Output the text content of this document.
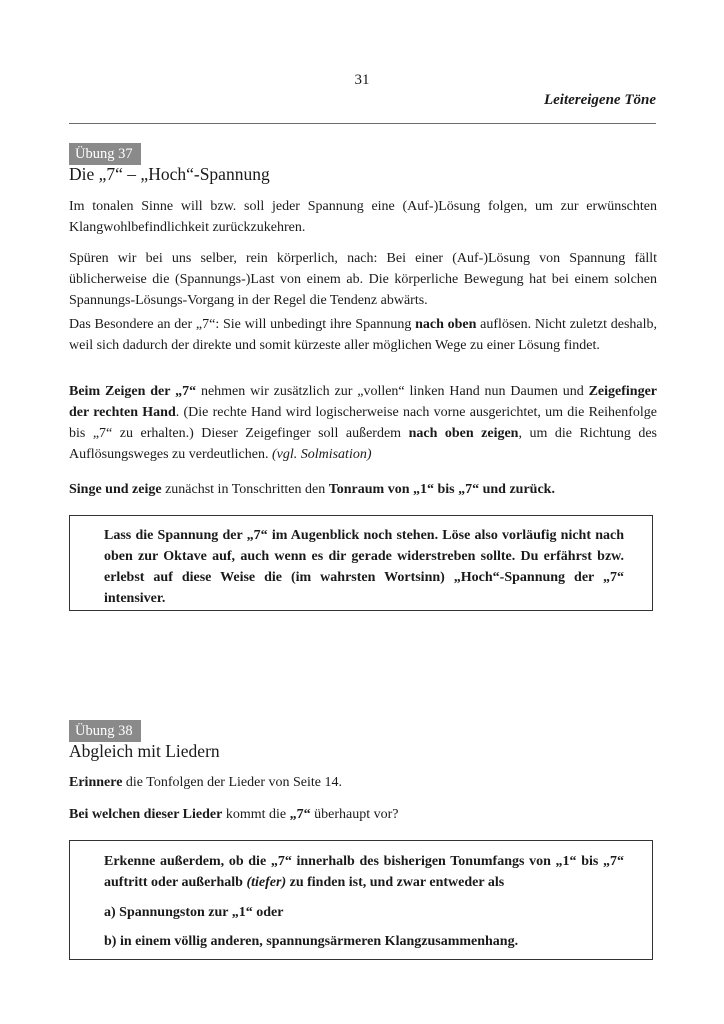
31
Leitereigene Töne
Übung 37
Die „7“ – „Hoch“-Spannung

Im tonalen Sinne will bzw. soll jeder Spannung eine (Auf-)Lösung folgen, um zur erwünschten Klangwohlbefindlichkeit zurückzukehren.

Spüren wir bei uns selber, rein körperlich, nach: Bei einer (Auf-)Lösung von Spannung fällt üblicherweise die (Spannungs-)Last von einem ab. Die körperliche Bewegung hat bei einem solchen Spannungs-Lösungs-Vorgang in der Regel die Tendenz abwärts.

Das Besondere an der „7“: Sie will unbedingt ihre Spannung nach oben auflösen. Nicht zuletzt deshalb, weil sich dadurch der direkte und somit kürzeste aller möglichen Wege zu einer Lösung findet.

Beim Zeigen der „7“ nehmen wir zusätzlich zur „vollen“ linken Hand nun Daumen und Zeigefinger der rechten Hand. (Die rechte Hand wird logischerweise nach vorne ausgerichtet, um die Reihenfolge bis „7“ zu erhalten.) Dieser Zeigefinger soll außerdem nach oben zeigen, um die Richtung des Auflösungsweges zu verdeutlichen. (vgl. Solmisation)

Singe und zeige zunächst in Tonschritten den Tonraum von „1“ bis „7“ und zurück.

Lass die Spannung der „7“ im Augenblick noch stehen. Löse also vorläufig nicht nach oben zur Oktave auf, auch wenn es dir gerade widerstreben sollte. Du erfährst bzw. erlebst auf diese Weise die (im wahrsten Wortsinn) „Hoch“-Spannung der „7“ intensiver.

Übung 38
Abgleich mit Liedern

Erinnere die Tonfolgen der Lieder von Seite 14.

Bei welchen dieser Lieder kommt die „7“ überhaupt vor?

Erkenne außerdem, ob die „7“ innerhalb des bisherigen Tonumfangs von „1“ bis „7“ auftritt oder außerhalb (tiefer) zu finden ist, und zwar entweder als

a) Spannungston zur „1“ oder

b) in einem völlig anderen, spannungsärmeren Klangzusammenhang.
